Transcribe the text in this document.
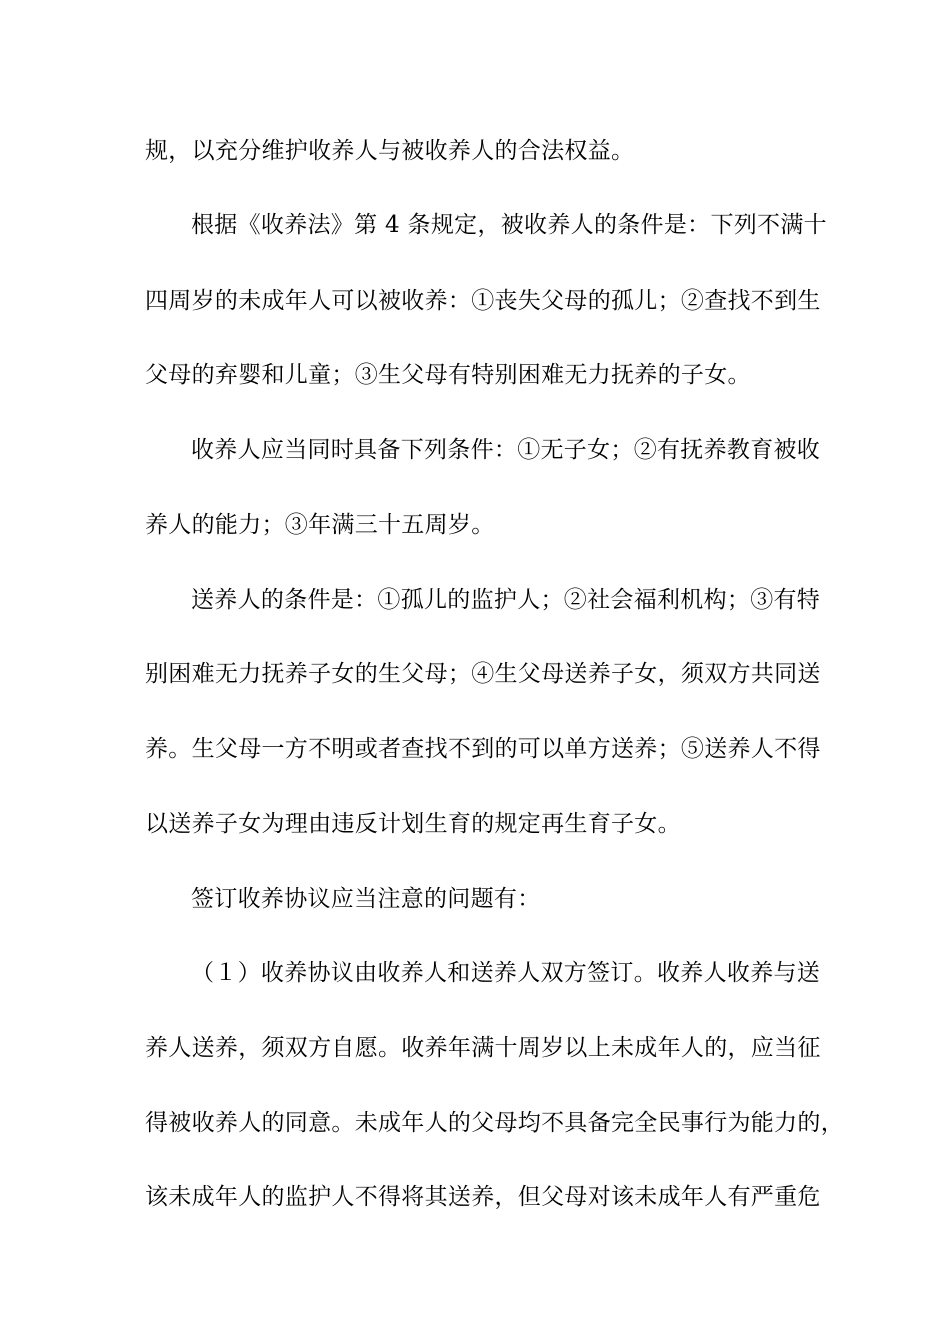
规，以充分维护收养人与被收养人的合法权益。
根据《收养法》第 4 条规定，被收养人的条件是：下列不满十
四周岁的未成年人可以被收养：①丧失父母的孤儿；②查找不到生
父母的弃婴和儿童；③生父母有特别困难无力抚养的子女。
收养人应当同时具备下列条件：①无子女；②有抚养教育被收
养人的能力；③年满三十五周岁。
送养人的条件是：①孤儿的监护人；②社会福利机构；③有特
别困难无力抚养子女的生父母；④生父母送养子女，须双方共同送
养。生父母一方不明或者查找不到的可以单方送养；⑤送养人不得
以送养子女为理由违反计划生育的规定再生育子女。
签订收养协议应当注意的问题有：
（１）收养协议由收养人和送养人双方签订。收养人收养与送
养人送养，须双方自愿。收养年满十周岁以上未成年人的，应当征
得被收养人的同意。未成年人的父母均不具备完全民事行为能力的，
该未成年人的监护人不得将其送养，但父母对该未成年人有严重危
